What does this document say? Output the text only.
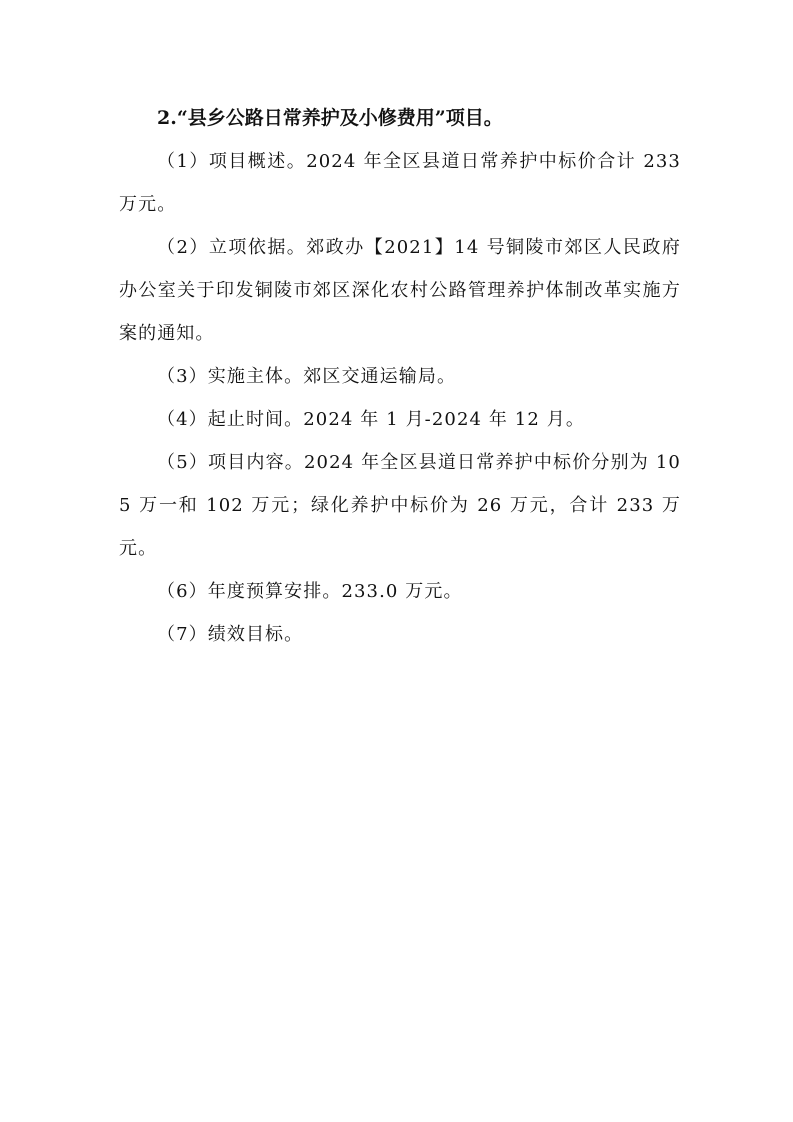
2.“县乡公路日常养护及小修费用”项目。

（1）项目概述。2024 年全区县道日常养护中标价合计 233 万元。

（2）立项依据。郊政办【2021】14 号铜陵市郊区人民政府办公室关于印发铜陵市郊区深化农村公路管理养护体制改革实施方案的通知。

（3）实施主体。郊区交通运输局。

（4）起止时间。2024 年 1 月-2024 年 12 月。

（5）项目内容。2024 年全区县道日常养护中标价分别为 105 万一和 102 万元；绿化养护中标价为 26 万元，合计 233 万元。

（6）年度预算安排。233.0 万元。

（7）绩效目标。
